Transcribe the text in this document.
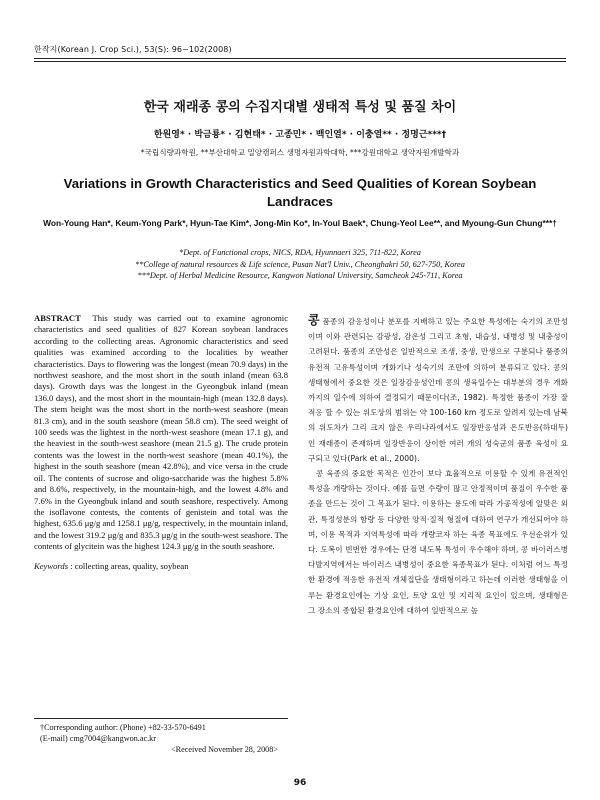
한작지(Korean J. Crop Sci.), 53(S): 96~102(2008)
한국 재래종 콩의 수집지대별 생태적 특성 및 품질 차이
한원영* · 박금룡* · 김현태* · 고종민* · 백인열* · 이충열** · 정명근***†
*국립식량과학원, **부산대학교 밀양캠퍼스 생명자원과학대학, ***강원대학교 생약자원개발학과
Variations in Growth Characteristics and Seed Qualities of Korean Soybean Landraces
Won-Young Han*, Keum-Yong Park*, Hyun-Tae Kim*, Jong-Min Ko*, In-Youl Baek*, Chung-Yeol Lee**, and Myoung-Gun Chung***†
*Dept. of Functional crops, NICS, RDA, Hyunnaeri 325, 711-822, Korea
**College of natural resources & Life science, Pusan Nat'l Univ., Cheonghakri 50, 627-750, Korea
***Dept. of Herbal Medicine Resource, Kangwon National University, Samcheok 245-711, Korea
ABSTRACT This study was carried out to examine agronomic characteristics and seed qualities of 827 Korean soybean landraces according to the collecting areas. Agronomic characteristics and seed qualities was examined according to the localities by weather characteristics. Days to flowering was the longest (mean 70.9 days) in the northwest seashore, and the most short in the south inland (mean 63.8 days). Growth days was the longest in the Gyeongbuk inland (mean 136.0 days), and the most short in the mountain-high (mean 132.8 days). The stem height was the most short in the north-west seashore (mean 81.3 cm), and in the south seashore (mean 58.8 cm). The seed weight of 100 seeds was the lightest in the north-west seashore (mean 17.1 g), and the heaviest in the south-west seashore (mean 21.5 g). The crude protein contents was the lowest in the north-west seashore (mean 40.1%), the highest in the south seashore (mean 42.8%), and vice versa in the crude oil. The contents of sucrose and oligo-saccharide was the highest 5.8% and 8.6%, respectively, in the mountain-high, and the lowest 4.8% and 7.6% in the Gyeongbuk inland and south seashore, respectively. Among the isoflavone contests, the contents of genistein and total was the highest, 635.6 μg/g and 1258.1 μg/g, respectively, in the mountain inland, and the lowest 319.2 μg/g and 835.3 μg/g in the south-west seashore. The contents of glycitein was the highest 124.3 μg/g in the south seashore.
Keywords : collecting areas, quality, soybean
†Corresponding author: (Phone) +82-33-570-6491
(E-mail) cmg7004@kangwon.ac.kr
<Received November 28, 2008>

콩 품종의 감응성이나 분포를 지배하고 있는 주요한 특성에는 숙기의 조만성이며 이와 관련되는 감광성, 감온성 그리고 초형, 내습성, 내병성 및 내충성이 고려된다. 품종의 조만성은 일반적으로 조생, 중생, 만생으로 구분되나 품종의 유전적 고유특성이며 개화기나 성숙기의 조만에 의하여 분류되고 있다. 콩의 생태형에서 중요한 것은 일장감응성인데 콩의 생육일수는 대부분의 경우 개화까지의 일수에 의하여 결정되기 때문이다(조, 1982). 특정한 품종이 가장 잘 적응 할 수 있는 위도상의 범위는 약 100-160 km 정도로 알려져 있는데 남북의 위도차가 그리 크지 않은 우리나라에서도 일장반응성과 온도반응(하대두)인 재래종이 존재하며 일장반응이 상이한 여러 개의 성숙군의 품종 육성이 요구되고 있다(Park et al., 2000).

콩 육종의 중요한 목적은 인간이 보다 효율적으로 이용할 수 있게 유전적인 특성을 개량하는 것이다. 예를 들면 수량이 많고 안정적이며 품질이 우수한 품종을 만드는 것이 그 목표가 된다. 이용하는 용도에 따라 가공적성에 알맞은 외관, 특정성분의 함량 등 다양한 양적·질적 형질에 대하여 연구가 개선되어야 하며, 이용 목적과 지역특성에 따라 개량코자 하는 육종 목표에도 우선순위가 있다. 도복이 빈번한 경우에는 단경 내도복 특성이 우수해야 하며, 콩 바이러스병 다발지역에서는 바이러스 내병성이 중요한 육종목표가 된다. 이처럼 어느 특정한 환경에 적응한 유전적 개체집단을 생태형이라고 하는데 이러한 생태형을 이루는 환경요인에는 기상 요인, 토양 요인 및 지리적 요인이 있으며, 생태형은 그 장소의 종합된 환경요인에 대하여 일반적으로 높

96
